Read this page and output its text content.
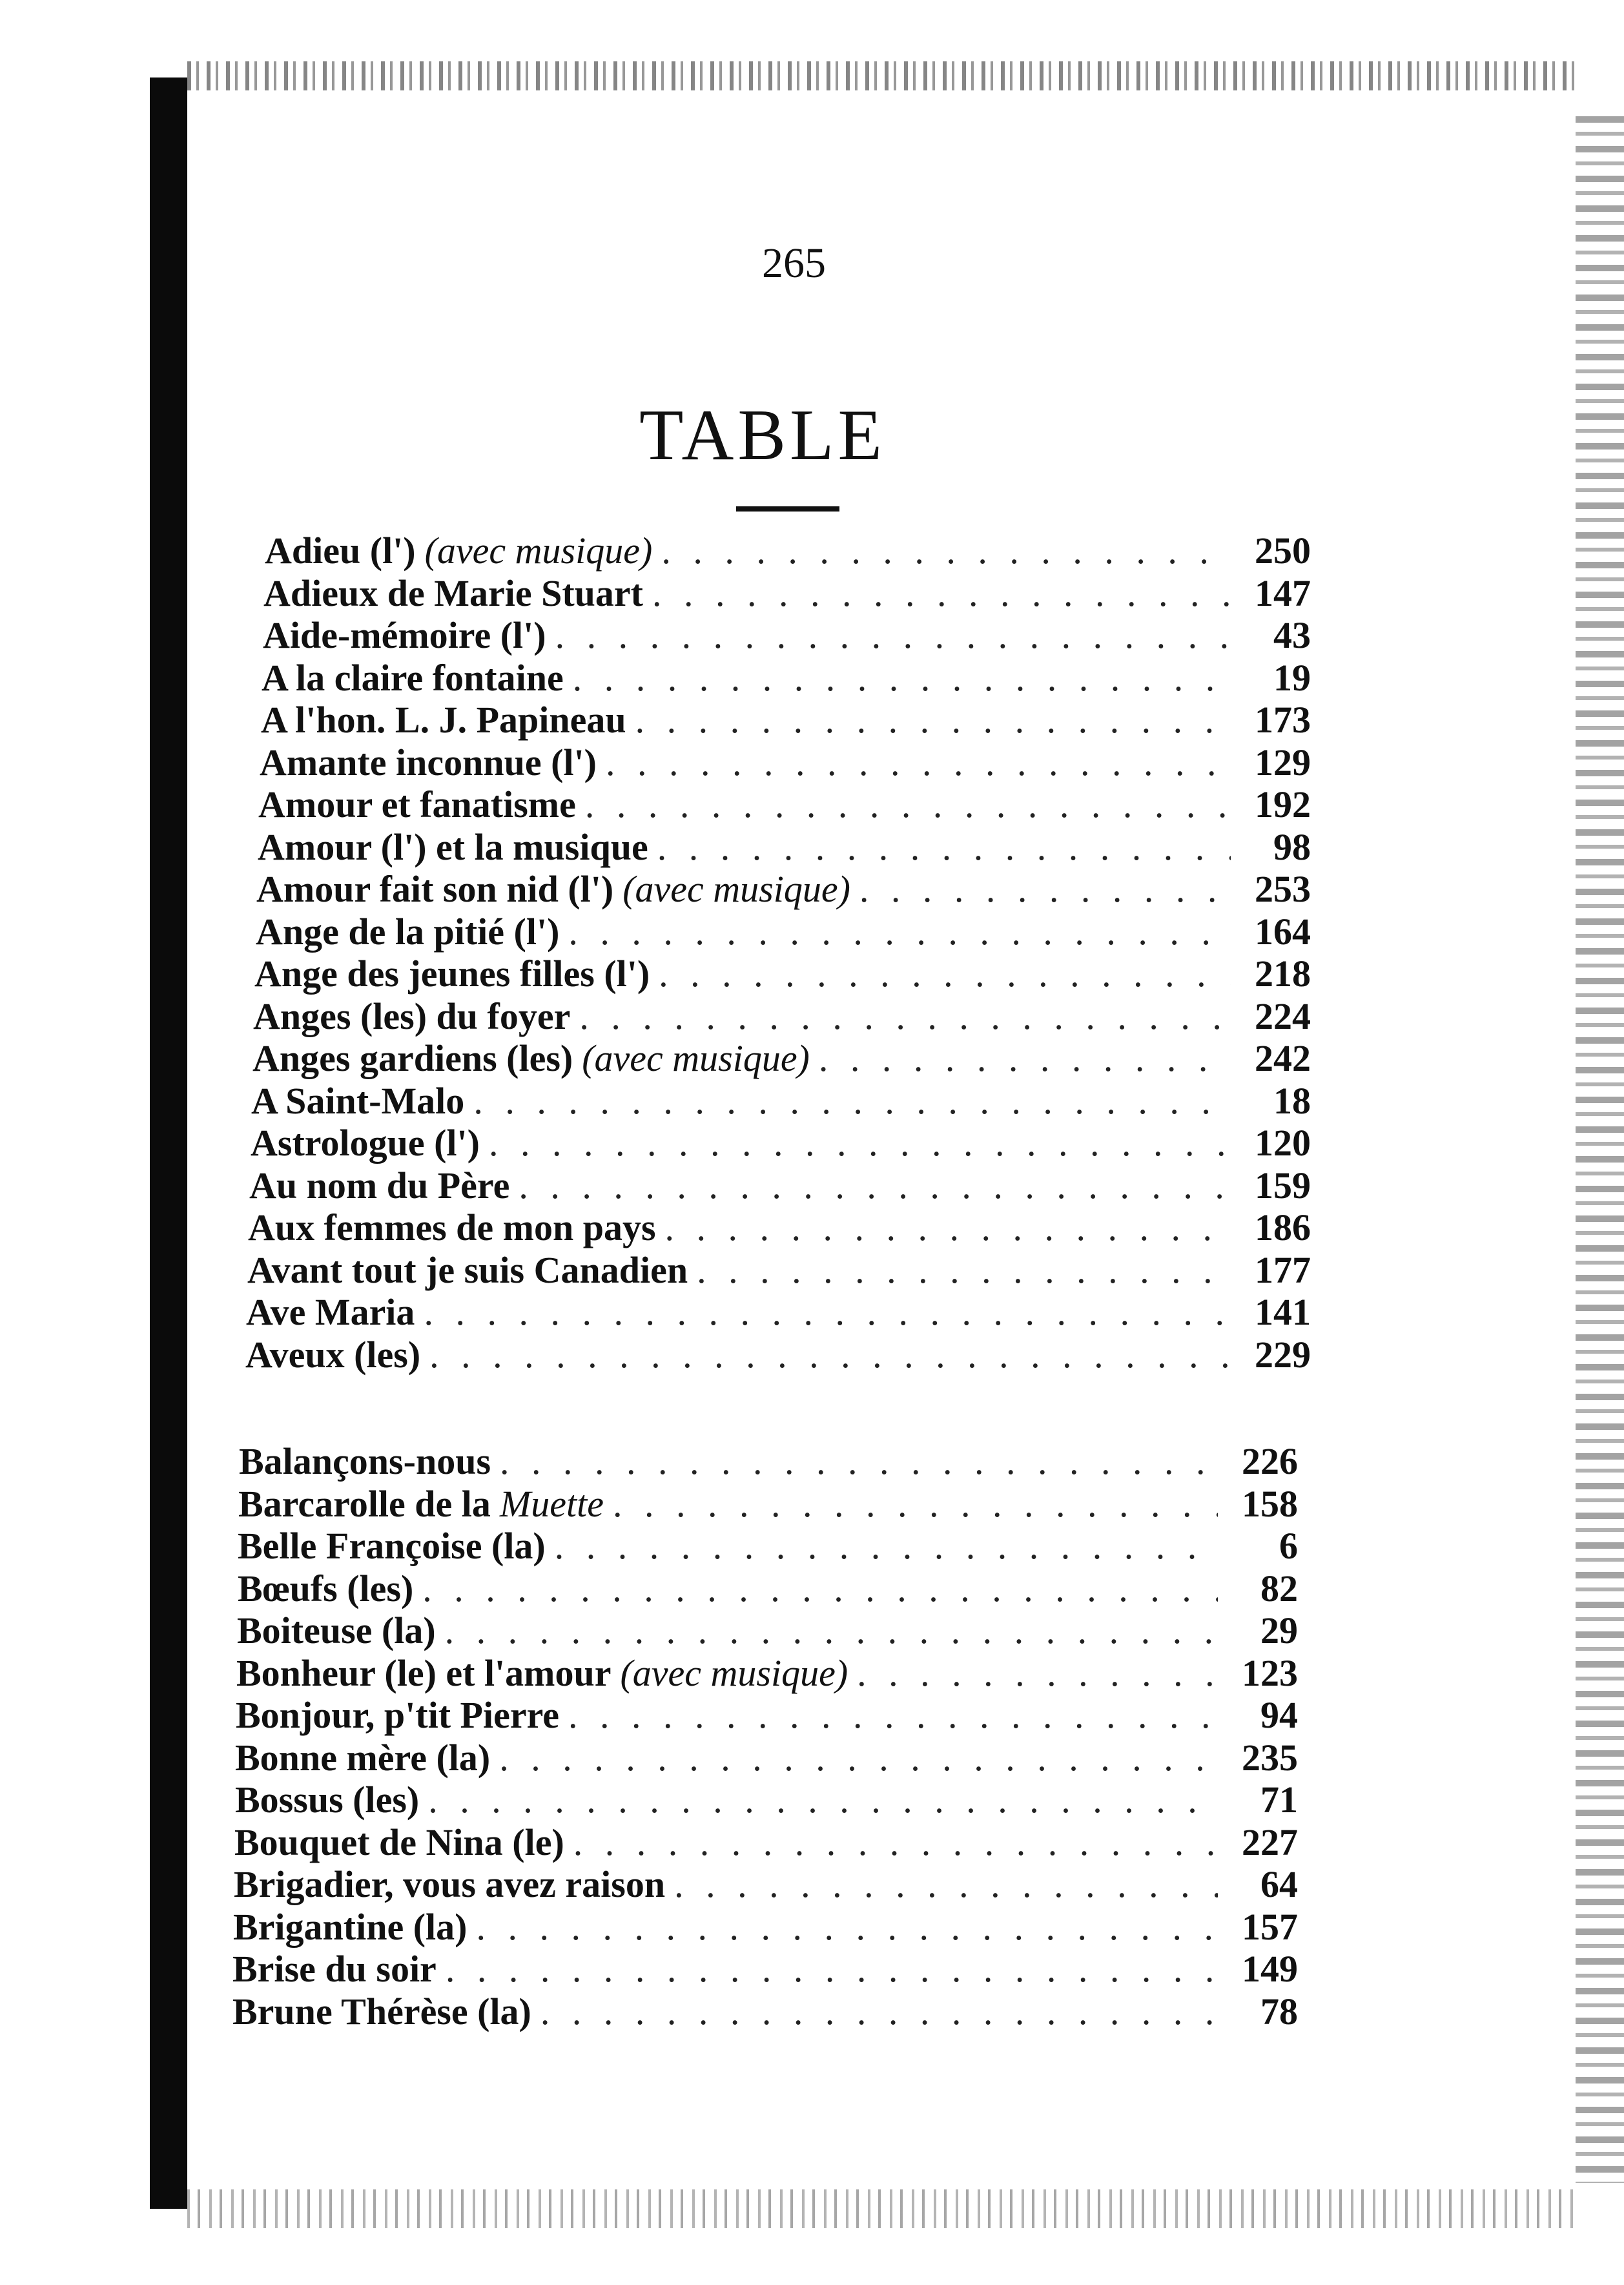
265
TABLE
Adieu (l') (avec musique) . . .	250
Adieux de Marie Stuart . . .	147
Aide-mémoire (l') . . .	43
A la claire fontaine . . .	19
A l'hon. L. J. Papineau . . .	173
Amante inconnue (l') . . .	129
Amour et fanatisme . . .	192
Amour (l') et la musique . . .	98
Amour fait son nid (l') (avec musique) . . .	253
Ange de la pitié (l') . . .	164
Ange des jeunes filles (l') . . .	218
Anges (les) du foyer . . .	224
Anges gardiens (les) (avec musique) . . .	242
A Saint-Malo . . .	18
Astrologue (l') . . .	120
Au nom du Père . . .	159
Aux femmes de mon pays . . .	186
Avant tout je suis Canadien . . .	177
Ave Maria . . .	141
Aveux (les) . . .	229
Balançons-nous . . .	226
Barcarolle de la Muette . . .	158
Belle Françoise (la) . . .	6
Bœufs (les) . . .	82
Boiteuse (la) . . .	29
Bonheur (le) et l'amour (avec musique) . . .	123
Bonjour, p'tit Pierre . . .	94
Bonne mère (la) . . .	235
Bossus (les) . . .	71
Bouquet de Nina (le) . . .	227
Brigadier, vous avez raison . . .	64
Brigantine (la) . . .	157
Brise du soir . . .	149
Brune Thérèse (la) . . .	78
